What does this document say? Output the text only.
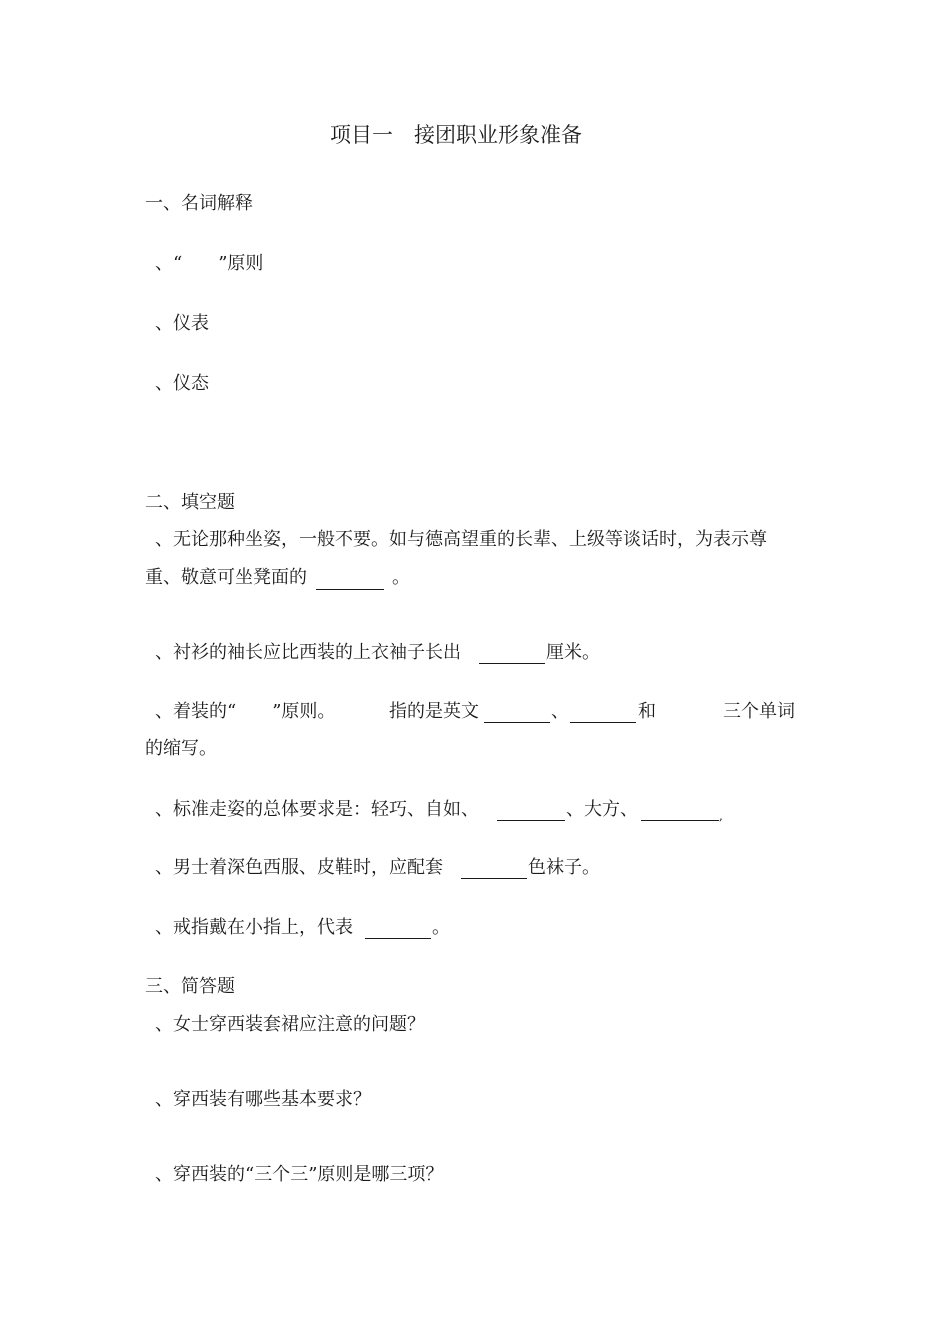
项目一　接团职业形象准备
一、名词解释
、“　　”原则
、仪表
、仪态
二、填空题
、无论那种坐姿，一般不要。如与德高望重的长辈、上级等谈话时，为表示尊
重、敬意可坐凳面的	。
、衬衫的袖长应比西装的上衣袖子长出	厘米。
、着装的“　　”原则。	指的是英文	、	和	三个单词
的缩写。
、标准走姿的总体要求是：轻巧、自如、	、大方、	,
、男士着深色西服、皮鞋时，应配套	色袜子。
、戒指戴在小指上，代表	。
三、简答题
、女士穿西装套裙应注意的问题？
、穿西装有哪些基本要求？
、穿西装的“三个三”原则是哪三项？
